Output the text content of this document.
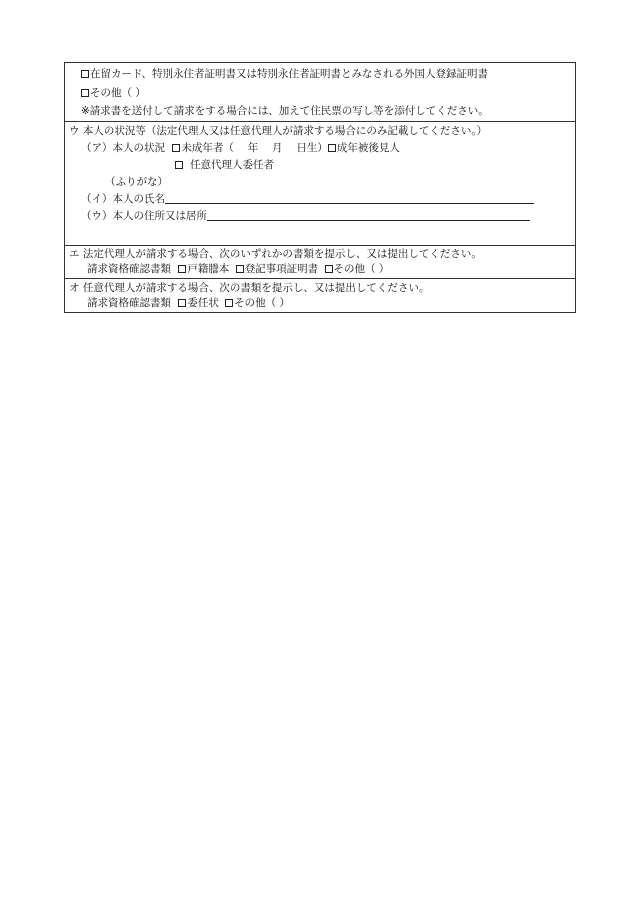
在留カード、特別永住者証明書又は特別永住者証明書とみなされる外国人登録証明書
その他（ ）
※請求書を送付して請求をする場合には、加えて住民票の写し等を添付してください。
ウ 本人の状況等（法定代理人又は任意代理人が請求する場合にのみ記載してください。）
（ア）本人の状況 未成年者（　 年　 月　 日生） 成年被後見人
任意代理人委任者
（ふりがな）
（イ）本人の氏名
（ウ）本人の住所又は居所
エ 法定代理人が請求する場合、次のいずれかの書類を提示し、又は提出してください。
請求資格確認書類 戸籍謄本 登記事項証明書 その他（ ）
オ 任意代理人が請求する場合、次の書類を提示し、又は提出してください。
請求資格確認書類 委任状 その他（ ）
